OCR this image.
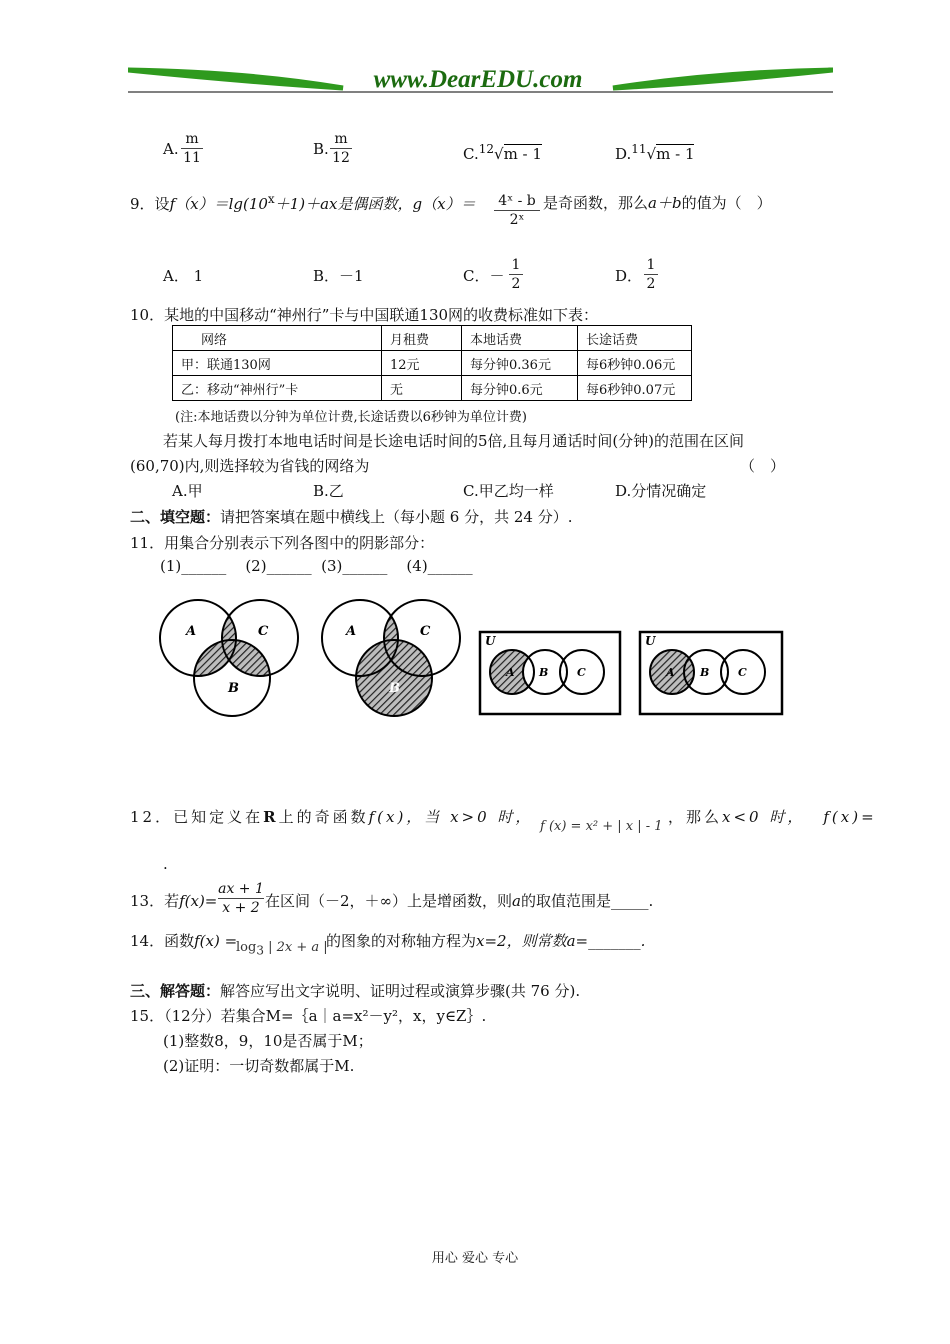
www.DearEDU.com
A.
m
11	B.
m
12	C.$^{12}$√m - 1	D.$^{11}$√m - 1
9．设$f(x)=\lg(10^x+1)+ax$是偶函数，g（x）＝	4ˣ - b
2ˣ
是奇函数，那么a＋b的值为（　）
A． 1	B．－1	C．－
1
2	D．
1
2
10．某地的中国移动“神州行”卡与中国联通130网的收费标准如下表：
网络	月租费	本地话费	长途话费
甲：联通130网	12元	每分钟0.36元	每6秒钟0.06元
乙：移动“神州行”卡	无	每分钟0.6元	每6秒钟0.07元
(注:本地话费以分钟为单位计费,长途话费以6秒钟为单位计费)
若某人每月拨打本地电话时间是长途电话时间的5倍,且每月通话时间(分钟)的范围在区间
(60,70)内,则选择较为省钱的网络为	（　）
A.甲	B.乙	C.甲乙均一样	D.分情况确定
二、填空题：请把答案填在题中横线上（每小题 6 分，共 24 分）.
11．用集合分别表示下列各图中的阴影部分：
(1)______    (2)______  (3)______    (4)______
A	C
B
A	C
B
U
A B	C
U
A B	C
12．已知定义在R上的奇函数f(x)，当 x>0 时，
f (x) = x² + | x | - 1
，那么x<0 时， f(x)=
.
13．若f(x)=
ax + 1
x + 2 在区间（－2，＋∞）上是增函数，则a的取值范围是_____.
14．函数f(x) =
$\log_3$ | 2x + a |
的图象的对称轴方程为x=2，则常数a=_______.
三、解答题：解答应写出文字说明、证明过程或演算步骤(共 76 分).
15．（12分）若集合M=｛a｜a=x²－y²，x，y∈Z｝.
(1)整数8，9，10是否属于M；
(2)证明：一切奇数都属于M.
用心 爱心 专心
